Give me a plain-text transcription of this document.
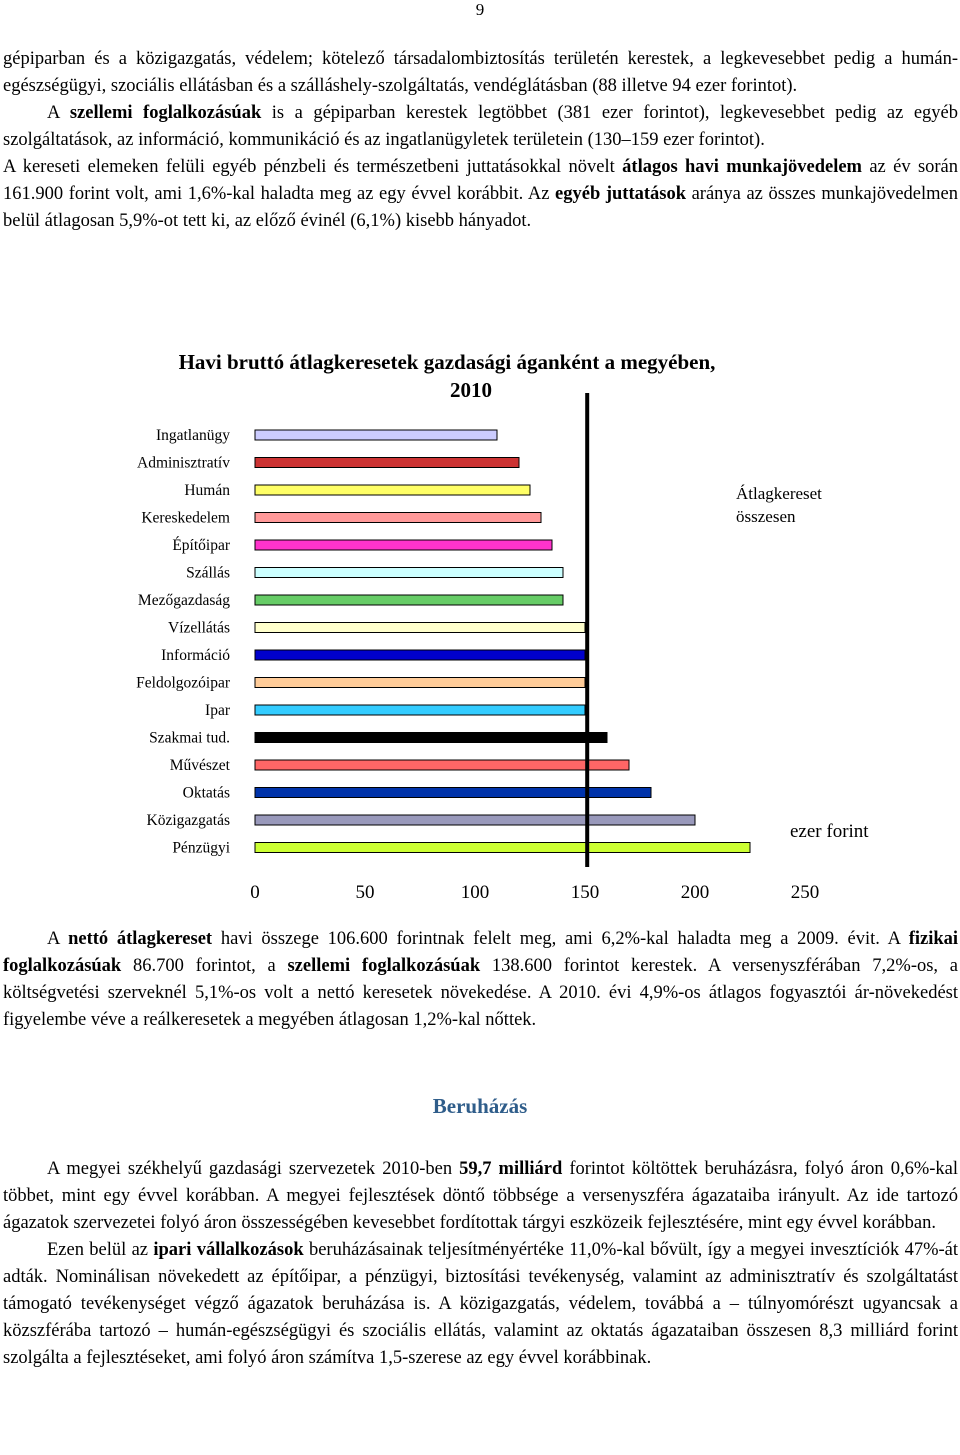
9
gépiparban és a közigazgatás, védelem; kötelező társadalombiztosítás területén kerestek, a legkevesebbet pedig a humán-egészségügyi, szociális ellátásban és a szálláshely-szolgáltatás, vendéglátásban (88 illetve 94 ezer forintot).
A szellemi foglalkozásúak is a gépiparban kerestek legtöbbet (381 ezer forintot), legkevesebbet pedig az egyéb szolgáltatások, az információ, kommunikáció és az ingatlanügyletek területein (130–159 ezer forintot).
A kereseti elemeken felüli egyéb pénzbeli és természetbeni juttatásokkal növelt átlagos havi munkajövedelem az év során 161.900 forint volt, ami 1,6%-kal haladta meg az egy évvel korábbit. Az egyéb juttatások aránya az összes munkajövedelmen belül átlagosan 5,9%-ot tett ki, az előző évinél (6,1%) kisebb hányadot.
Havi bruttó átlagkeresetek gazdasági áganként a megyében,
2010
Ingatlanügy
Adminisztratív
Humán
Kereskedelem
Építőipar
Szállás
Mezőgazdaság
Vízellátás
Információ
Feldolgozóipar
Ipar
Szakmai tud.
Művészet
Oktatás
Közigazgatás
Pénzügyi
0	50	100	150	200	250
Átlagkereset
összesen
ezer forint
A nettó átlagkereset havi összege 106.600 forintnak felelt meg, ami 6,2%-kal haladta meg a 2009. évit. A fizikai foglalkozásúak 86.700 forintot, a szellemi foglalkozásúak 138.600 forintot kerestek. A versenyszférában 7,2%-os, a költségvetési szerveknél 5,1%-os volt a nettó keresetek növekedése. A 2010. évi 4,9%-os átlagos fogyasztói ár-növekedést figyelembe véve a reálkeresetek a megyében átlagosan 1,2%-kal nőttek.
Beruházás
A megyei székhelyű gazdasági szervezetek 2010-ben 59,7 milliárd forintot költöttek beruházásra, folyó áron 0,6%-kal többet, mint egy évvel korábban. A megyei fejlesztések döntő többsége a versenyszféra ágazataiba irányult. Az ide tartozó ágazatok szervezetei folyó áron összességében kevesebbet fordítottak tárgyi eszközeik fejlesztésére, mint egy évvel korábban.
Ezen belül az ipari vállalkozások beruházásainak teljesítményértéke 11,0%-kal bővült, így a megyei invesztíciók 47%-át adták. Nominálisan növekedett az építőipar, a pénzügyi, biztosítási tevékenység, valamint az adminisztratív és szolgáltatást támogató tevékenységet végző ágazatok beruházása is. A közigazgatás, védelem, továbbá a – túlnyomórészt ugyancsak a közszférába tartozó – humán-egészségügyi és szociális ellátás, valamint az oktatás ágazataiban összesen 8,3 milliárd forint szolgálta a fejlesztéseket, ami folyó áron számítva 1,5-szerese az egy évvel korábbinak.
